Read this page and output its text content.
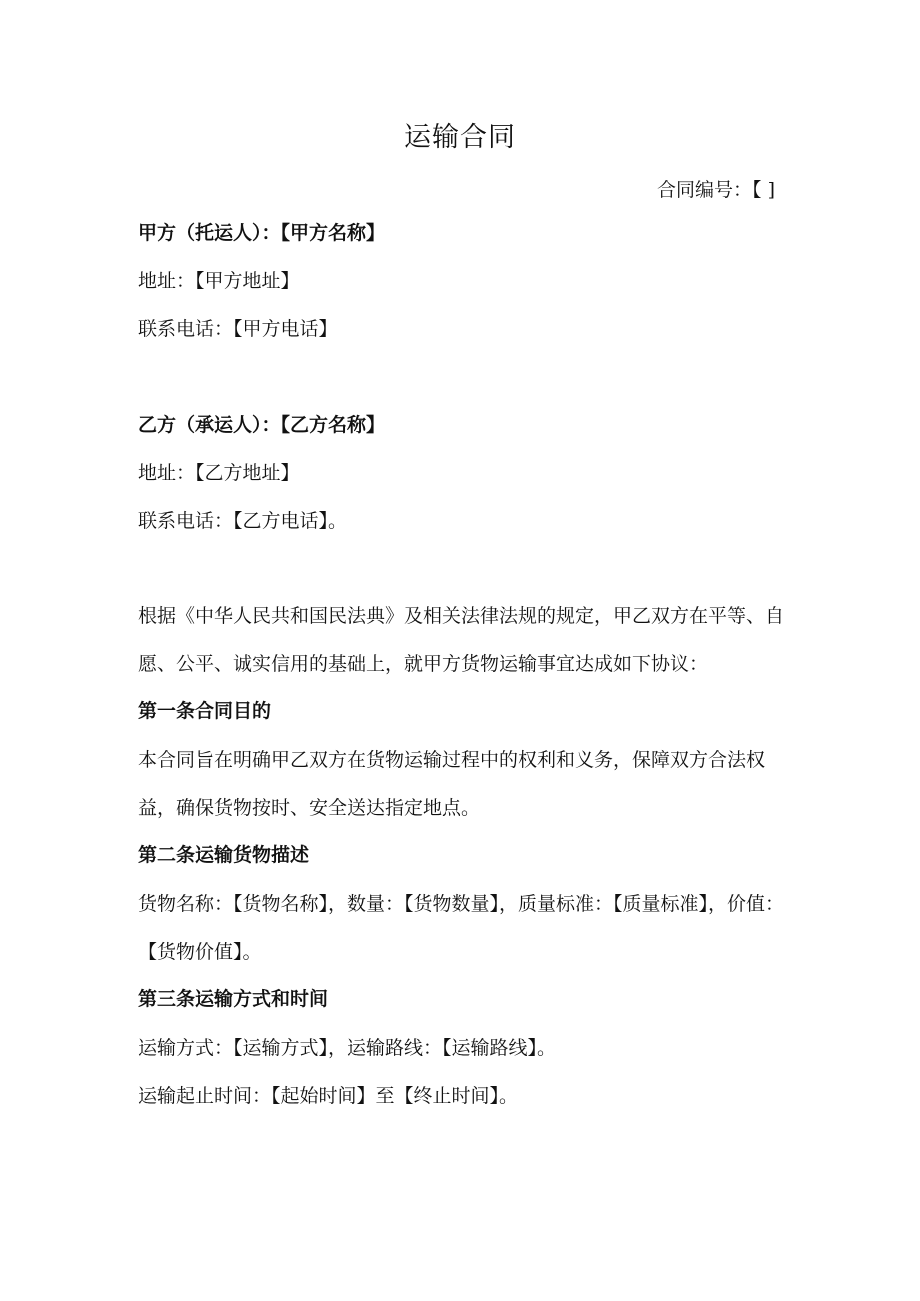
运输合同
合同编号：【 ]
甲方（托运人）：【甲方名称】
地址：【甲方地址】
联系电话：【甲方电话】
乙方（承运人）：【乙方名称】
地址：【乙方地址】
联系电话：【乙方电话】。

根据《中华人民共和国民法典》及相关法律法规的规定，甲乙双方在平等、自愿、公平、诚实信用的基础上，就甲方货物运输事宜达成如下协议：

第一条合同目的

本合同旨在明确甲乙双方在货物运输过程中的权利和义务，保障双方合法权益，确保货物按时、安全送达指定地点。

第二条运输货物描述

货物名称：【货物名称】，数量：【货物数量】，质量标准：【质量标准】，价值：【货物价值】。

第三条运输方式和时间

运输方式：【运输方式】，运输路线：【运输路线】。

运输起止时间：【起始时间】至【终止时间】。
